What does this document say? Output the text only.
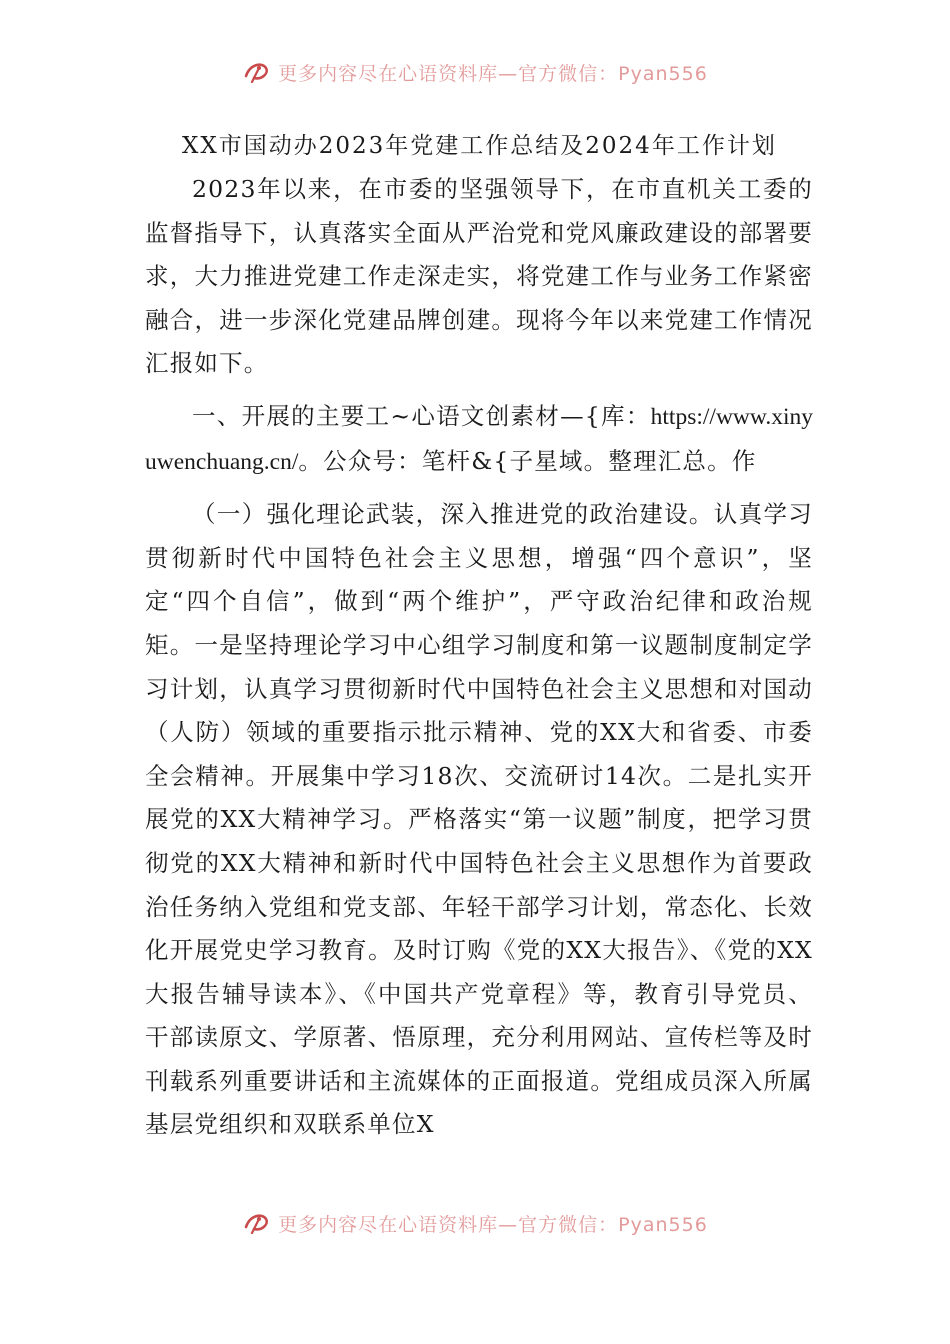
更多内容尽在心语资料库—官方微信：Pyan556

XX市国动办2023年党建工作总结及2024年工作计划

2023年以来，在市委的坚强领导下，在市直机关工委的监督指导下，认真落实全面从严治党和党风廉政建设的部署要求，大力推进党建工作走深走实，将党建工作与业务工作紧密融合，进一步深化党建品牌创建。现将今年以来党建工作情况汇报如下。

一、开展的主要工~心语文创素材—{库：https://www.xinyuwenchuang.cn/。公众号：笔杆&{子星域。整理汇总。作

（一）强化理论武装，深入推进党的政治建设。认真学习贯彻新时代中国特色社会主义思想，增强“四个意识”，坚定“四个自信”，做到“两个维护”，严守政治纪律和政治规矩。一是坚持理论学习中心组学习制度和第一议题制度制定学习计划，认真学习贯彻新时代中国特色社会主义思想和对国动（人防）领域的重要指示批示精神、党的XX大和省委、市委全会精神。开展集中学习18次、交流研讨14次。二是扎实开展党的XX大精神学习。严格落实“第一议题”制度，把学习贯彻党的XX大精神和新时代中国特色社会主义思想作为首要政治任务纳入党组和党支部、年轻干部学习计划，常态化、长效化开展党史学习教育。及时订购《党的XX大报告》、《党的XX大报告辅导读本》、《中国共产党章程》等，教育引导党员、干部读原文、学原著、悟原理，充分利用网站、宣传栏等及时刊载系列重要讲话和主流媒体的正面报道。党组成员深入所属基层党组织和双联系单位X

更多内容尽在心语资料库—官方微信：Pyan556
